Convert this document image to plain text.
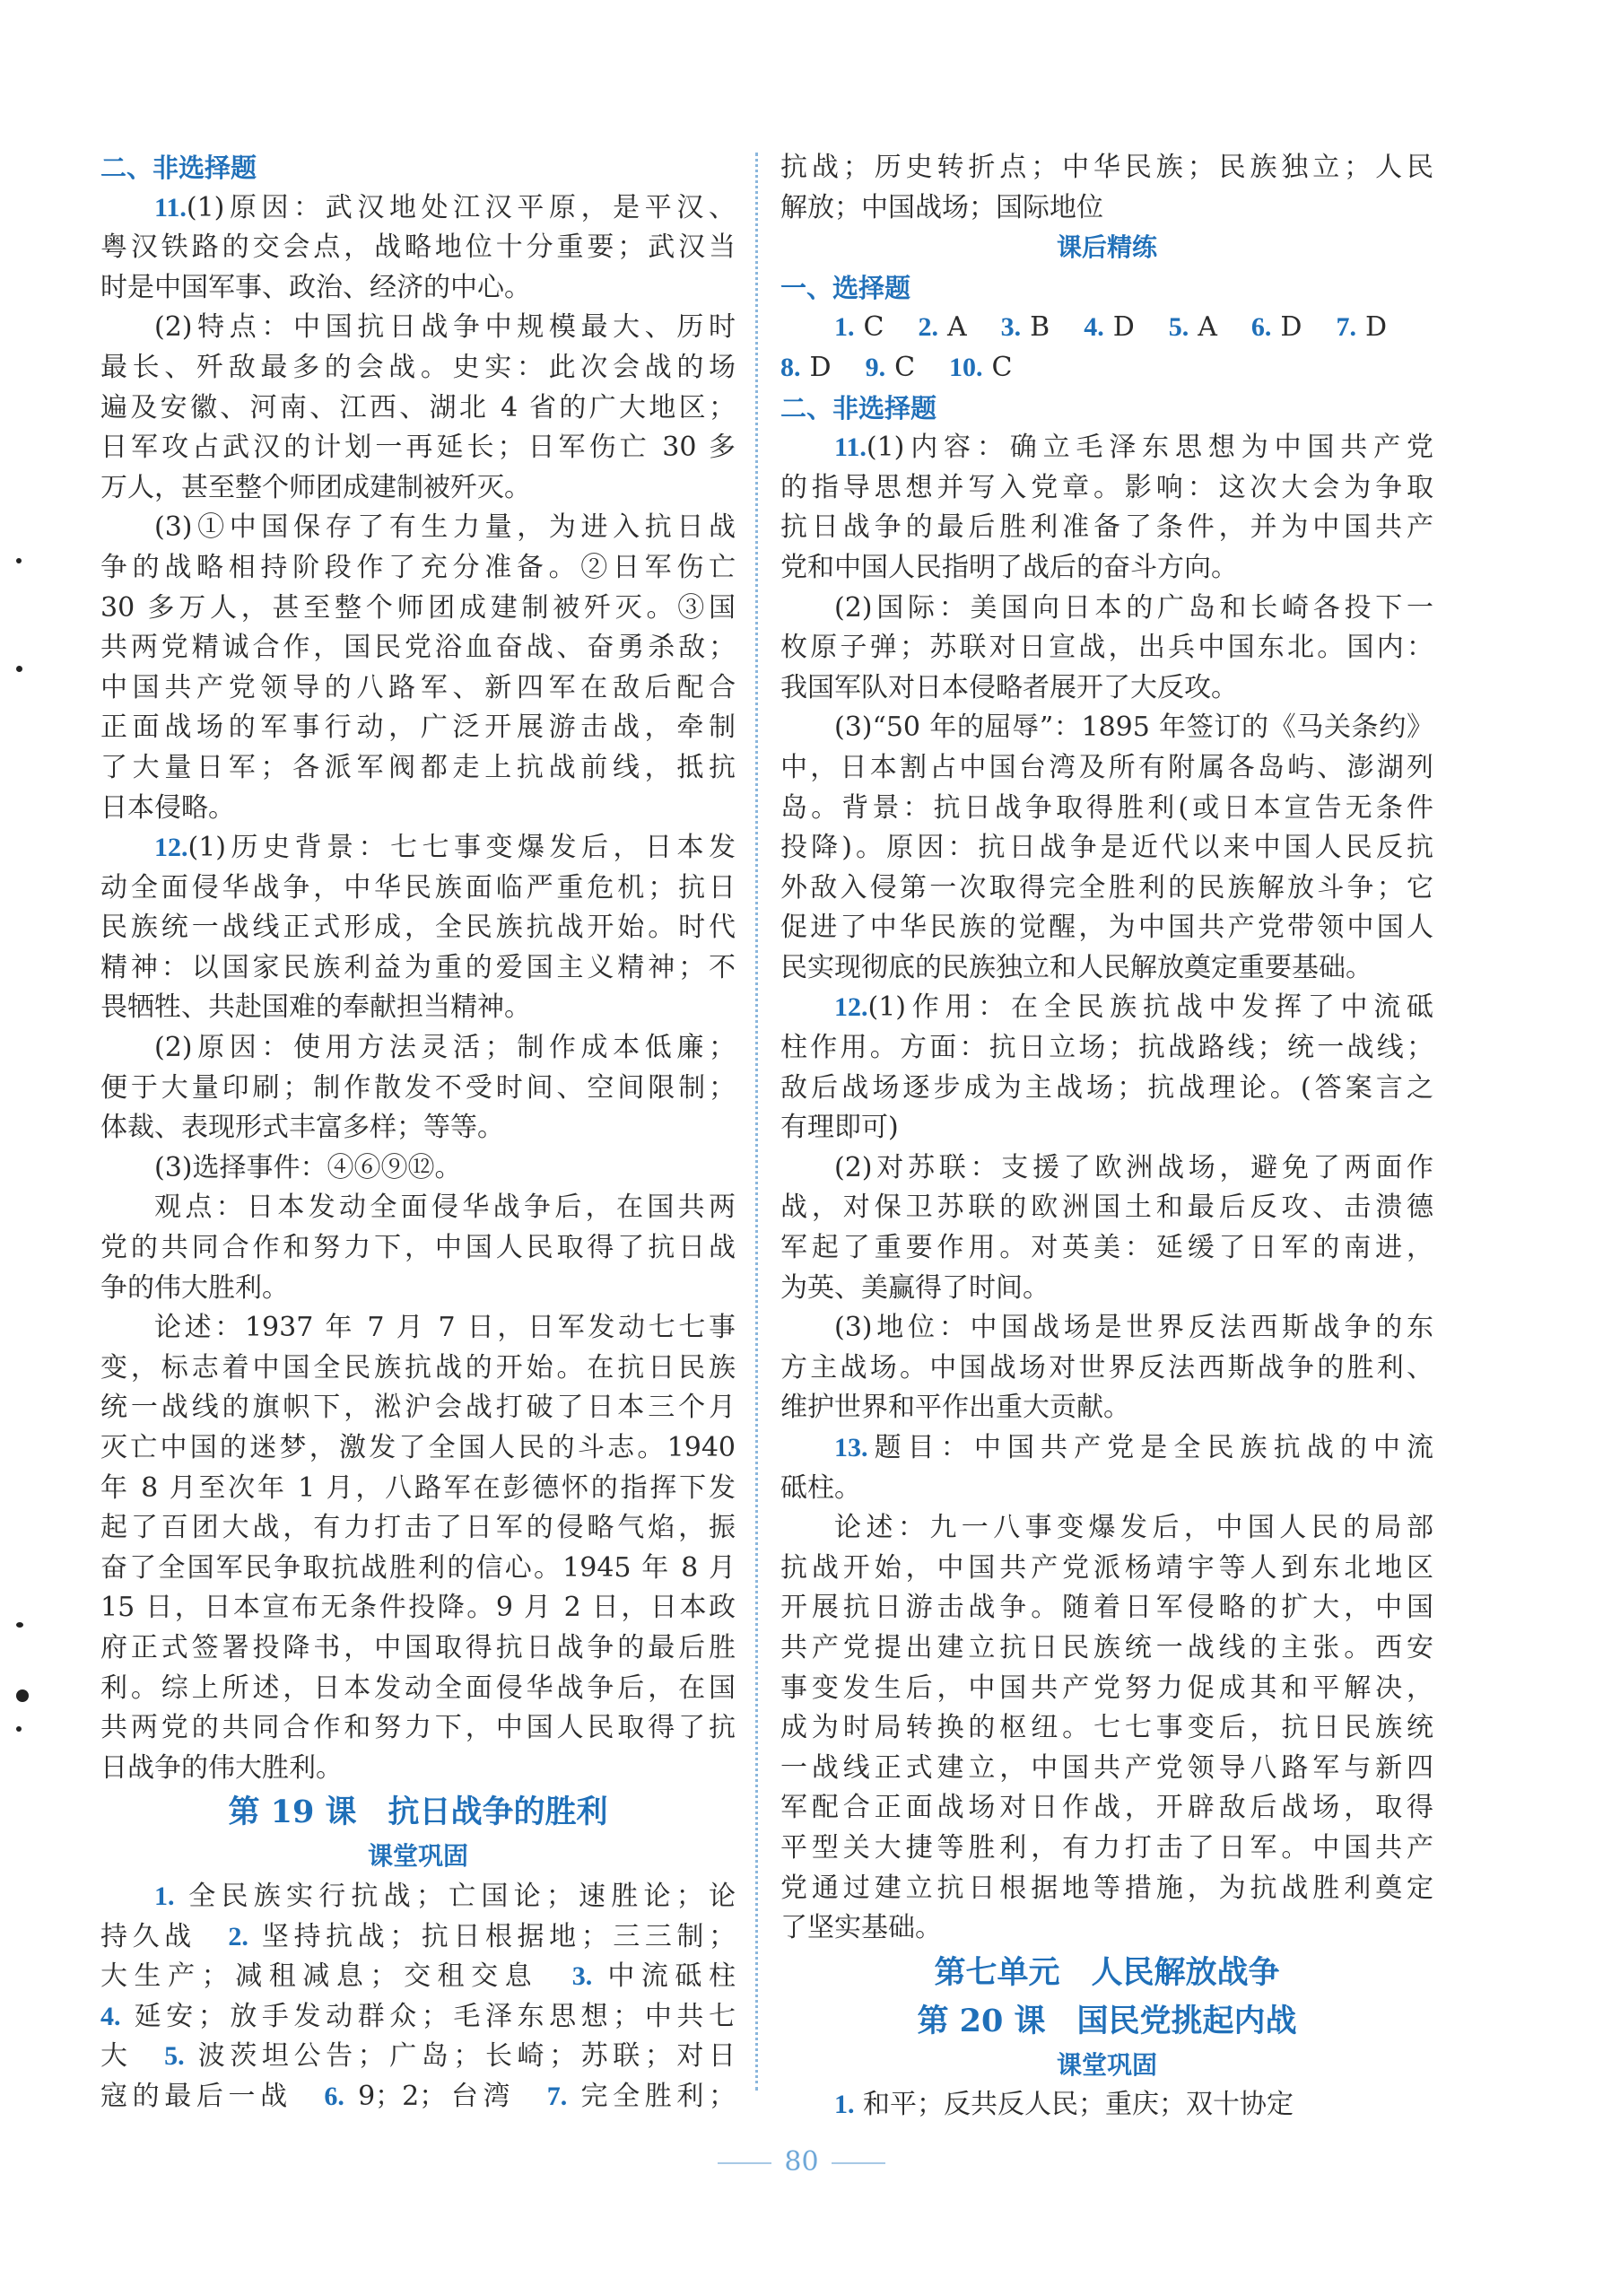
二、非选择题

11.(1)原因：武汉地处江汉平原，是平汉、

粤汉铁路的交会点，战略地位十分重要；武汉当

时是中国军事、政治、经济的中心。

(2)特点：中国抗日战争中规模最大、历时

最长、歼敌最多的会战。史实：此次会战的场

遍及安徽、河南、江西、湖北 4 省的广大地区；

日军攻占武汉的计划一再延长；日军伤亡 30 多

万人，甚至整个师团成建制被歼灭。

(3)①中国保存了有生力量，为进入抗日战

争的战略相持阶段作了充分准备。②日军伤亡

30 多万人，甚至整个师团成建制被歼灭。③国

共两党精诚合作，国民党浴血奋战、奋勇杀敌；

中国共产党领导的八路军、新四军在敌后配合

正面战场的军事行动，广泛开展游击战，牵制

了大量日军；各派军阀都走上抗战前线，抵抗

日本侵略。

12.(1)历史背景：七七事变爆发后，日本发

动全面侵华战争，中华民族面临严重危机；抗日

民族统一战线正式形成，全民族抗战开始。时代

精神：以国家民族利益为重的爱国主义精神；不

畏牺牲、共赴国难的奉献担当精神。

(2)原因：使用方法灵活；制作成本低廉；

便于大量印刷；制作散发不受时间、空间限制；

体裁、表现形式丰富多样；等等。

(3)选择事件：④⑥⑨⑫。

观点：日本发动全面侵华战争后，在国共两

党的共同合作和努力下，中国人民取得了抗日战

争的伟大胜利。

论述：1937 年 7 月 7 日，日军发动七七事

变，标志着中国全民族抗战的开始。在抗日民族

统一战线的旗帜下，淞沪会战打破了日本三个月

灭亡中国的迷梦，激发了全国人民的斗志。1940

年 8 月至次年 1 月，八路军在彭德怀的指挥下发

起了百团大战，有力打击了日军的侵略气焰，振

奋了全国军民争取抗战胜利的信心。1945 年 8 月

15 日，日本宣布无条件投降。9 月 2 日，日本政

府正式签署投降书，中国取得抗日战争的最后胜

利。综上所述，日本发动全面侵华战争后，在国

共两党的共同合作和努力下，中国人民取得了抗

日战争的伟大胜利。

第 19 课　抗日战争的胜利
课堂巩固

1. 全民族实行抗战；亡国论；速胜论；论

持久战　2. 坚持抗战；抗日根据地；三三制；

大生产；减租减息；交租交息　3. 中流砥柱

4. 延安；放手发动群众；毛泽东思想；中共七

大　5. 波茨坦公告；广岛；长崎；苏联；对日

寇的最后一战　6. 9；2；台湾　7. 完全胜利；

抗战；历史转折点；中华民族；民族独立；人民

解放；中国战场；国际地位

课后精练
一、选择题

1. C 2. A 3. B 4. D 5. A 6. D 7. D

8. D 9. C 10. C

二、非选择题

11.(1)内容：确立毛泽东思想为中国共产党

的指导思想并写入党章。影响：这次大会为争取

抗日战争的最后胜利准备了条件，并为中国共产

党和中国人民指明了战后的奋斗方向。

(2)国际：美国向日本的广岛和长崎各投下一

枚原子弹；苏联对日宣战，出兵中国东北。国内：

我国军队对日本侵略者展开了大反攻。

(3)“50 年的屈辱”：1895 年签订的《马关条约》

中，日本割占中国台湾及所有附属各岛屿、澎湖列

岛。背景：抗日战争取得胜利(或日本宣告无条件

投降)。原因：抗日战争是近代以来中国人民反抗

外敌入侵第一次取得完全胜利的民族解放斗争；它

促进了中华民族的觉醒，为中国共产党带领中国人

民实现彻底的民族独立和人民解放奠定重要基础。

12.(1)作用：在全民族抗战中发挥了中流砥

柱作用。方面：抗日立场；抗战路线；统一战线；

敌后战场逐步成为主战场；抗战理论。(答案言之

有理即可)

(2)对苏联：支援了欧洲战场，避免了两面作

战，对保卫苏联的欧洲国土和最后反攻、击溃德

军起了重要作用。对英美：延缓了日军的南进，

为英、美赢得了时间。

(3)地位：中国战场是世界反法西斯战争的东

方主战场。中国战场对世界反法西斯战争的胜利、

维护世界和平作出重大贡献。

13.题目：中国共产党是全民族抗战的中流

砥柱。

论述：九一八事变爆发后，中国人民的局部

抗战开始，中国共产党派杨靖宇等人到东北地区

开展抗日游击战争。随着日军侵略的扩大，中国

共产党提出建立抗日民族统一战线的主张。西安

事变发生后，中国共产党努力促成其和平解决，

成为时局转换的枢纽。七七事变后，抗日民族统

一战线正式建立，中国共产党领导八路军与新四

军配合正面战场对日作战，开辟敌后战场，取得

平型关大捷等胜利，有力打击了日军。中国共产

党通过建立抗日根据地等措施，为抗战胜利奠定

了坚实基础。

第七单元　人民解放战争
第 20 课　国民党挑起内战
课堂巩固

1. 和平；反共反人民；重庆；双十协定

80
